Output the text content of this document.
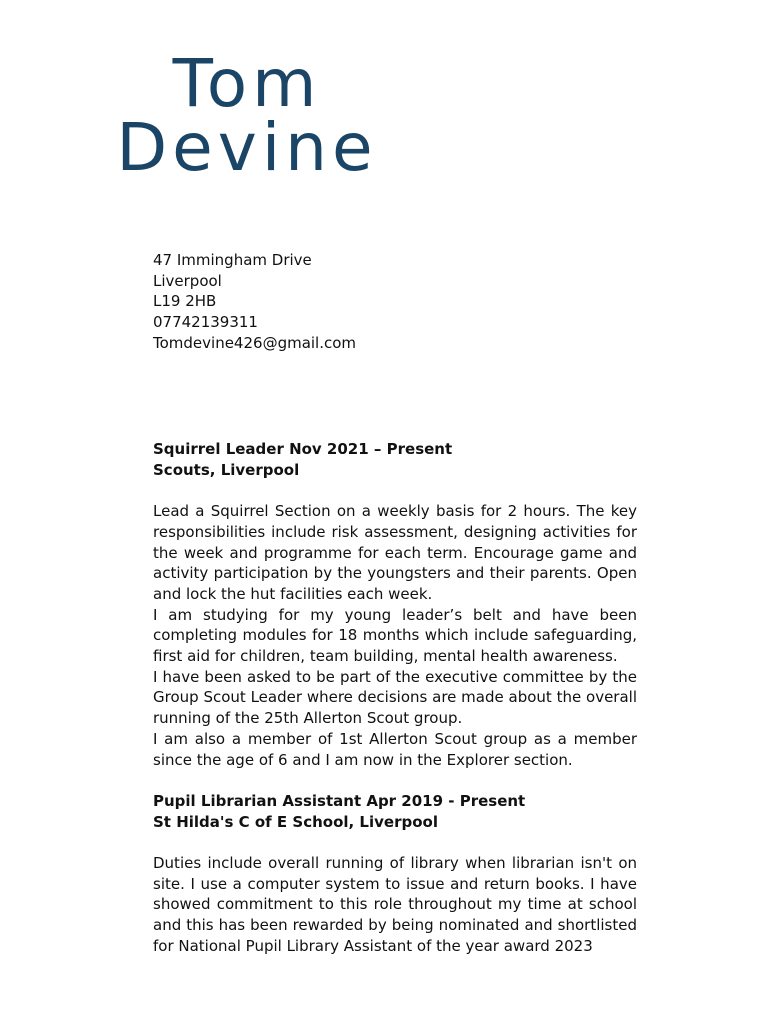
Tom
Devine
47 Immingham Drive
Liverpool
L19 2HB
07742139311
Tomdevine426@gmail.com
Squirrel Leader Nov 2021 – Present
Scouts, Liverpool
Lead a Squirrel Section on a weekly basis for 2 hours. The key responsibilities include risk assessment, designing activities for the week and programme for each term. Encourage game and activity participation by the youngsters and their parents. Open and lock the hut facilities each week.
I am studying for my young leader’s belt and have been completing modules for 18 months which include safeguarding, first aid for children, team building, mental health awareness.
I have been asked to be part of the executive committee by the Group Scout Leader where decisions are made about the overall running of the 25th Allerton Scout group.
I am also a member of 1st Allerton Scout group as a member since the age of 6 and I am now in the Explorer section.
Pupil Librarian Assistant Apr 2019 - Present
St Hilda's C of E School, Liverpool
Duties include overall running of library when librarian isn't on site. I use a computer system to issue and return books. I have showed commitment to this role throughout my time at school and this has been rewarded by being nominated and shortlisted for National Pupil Library Assistant of the year award 2023
